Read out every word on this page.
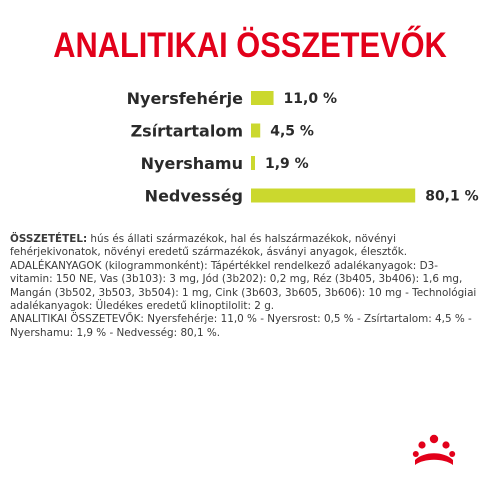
ANALITIKAI ÖSSZETEVŐK
Nyersfehérje	11,0 %
Zsírtartalom 4,5 %
Nyershamu 1,9 %
Nedvesség	80,1 %

ÖSSZETÉTEL: hús és állati származékok, hal és halszármazékok, növényi fehérjekivonatok, növényi eredetű származékok, ásványi anyagok, élesztők.

ADALÉKANYAGOK (kilogrammonként): Tápértékkel rendelkező adalékanyagok: D3-vitamin: 150 NE, Vas (3b103): 3 mg, Jód (3b202): 0,2 mg, Réz (3b405, 3b406): 1,6 mg, Mangán (3b502, 3b503, 3b504): 1 mg, Cink (3b603, 3b605, 3b606): 10 mg - Technológiai adalékanyagok: Üledékes eredetű klinoptilolit: 2 g.

ANALITIKAI ÖSSZETEVŐK: Nyersfehérje: 11,0 % - Nyersrost: 0,5 % - Zsírtartalom: 4,5 % - Nyershamu: 1,9 % - Nedvesség: 80,1 %.
